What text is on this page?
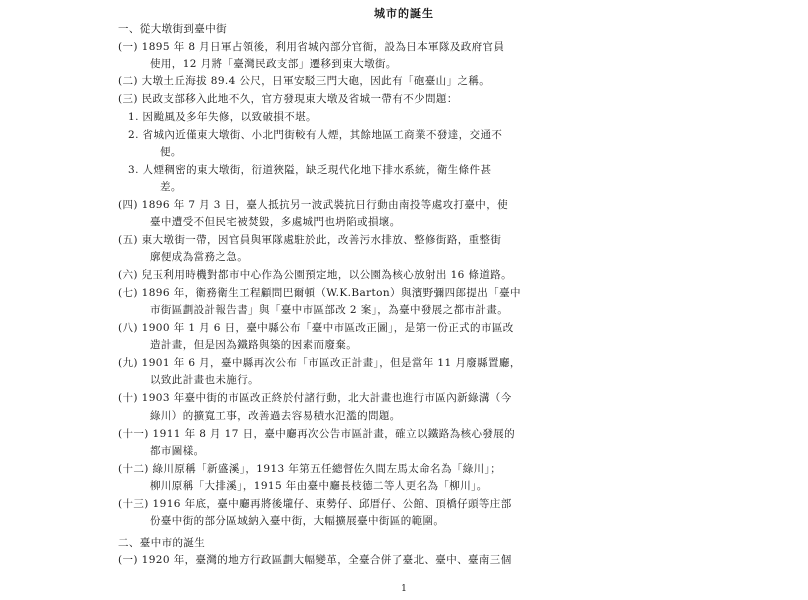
城市的誕生
一、從大墩街到臺中街
(一) 1895 年 8 月日軍占領後，利用省城內部分官衙，設為日本軍隊及政府官員
使用，12 月將「臺灣民政支部」遷移到東大墩街。
(二) 大墩土丘海拔 89.4 公尺，日軍安駁三門大砲，因此有「砲臺山」之稱。
(三) 民政支部移入此地不久，官方發現東大墩及省城一帶有不少問題：
1. 因颱風及多年失修，以致破損不堪。
2. 省城內近僅東大墩街、小北門街較有人煙，其餘地區工商業不發達，交通不
便。
3. 人煙稠密的東大墩街，衍道狹隘，缺乏現代化地下排水系統，衛生條件甚
差。
(四) 1896 年 7 月 3 日，臺人抵抗另一波武裝抗日行動由南投等處攻打臺中，使
臺中遭受不但民宅被焚毀，多處城門也坍陷或損壞。
(五) 東大墩街一帶，因官員與軍隊處駐於此，改善污水排放、整修街路，重整街
廓便成為當務之急。
(六) 兒玉利用時機對都市中心作為公園預定地，以公園為核心放射出 16 條道路。
(七) 1896 年，衛務衛生工程顧問巴爾頓（W.K.Barton）與濱野彌四郎提出「臺中
市街區劃設計報告書」與「臺中市區部改 2 案」，為臺中發展之都市計畫。
(八) 1900 年 1 月 6 日，臺中縣公布「臺中市區改正圖」，是第一份正式的市區改
造計畫，但是因為鐵路與築的因素而廢棄。
(九) 1901 年 6 月，臺中縣再次公布「市區改正計畫」，但是當年 11 月廢縣置廳，
以致此計畫也未施行。
(十) 1903 年臺中街的市區改正終於付諸行動，北大計畫也進行市區內新綠溝（今
綠川）的擴寬工事，改善過去容易積水氾濫的問題。
(十一) 1911 年 8 月 17 日，臺中廳再次公告市區計畫，確立以鐵路為核心發展的
都市圖樣。
(十二) 綠川原稱「新盛溪」，1913 年第五任總督佐久間左馬太命名為「綠川」；
柳川原稱「大排溪」，1915 年由臺中廳長枝德二等人更名為「柳川」。
(十三) 1916 年底，臺中廳再將後壠仔、東勢仔、邱厝仔、公館、頂橋仔頭等庄部
份臺中街的部分區域納入臺中街，大幅擴展臺中街區的範圍。
二、臺中市的誕生
(一) 1920 年，臺灣的地方行政區劃大幅變革，全臺合併了臺北、臺中、臺南三個
1
